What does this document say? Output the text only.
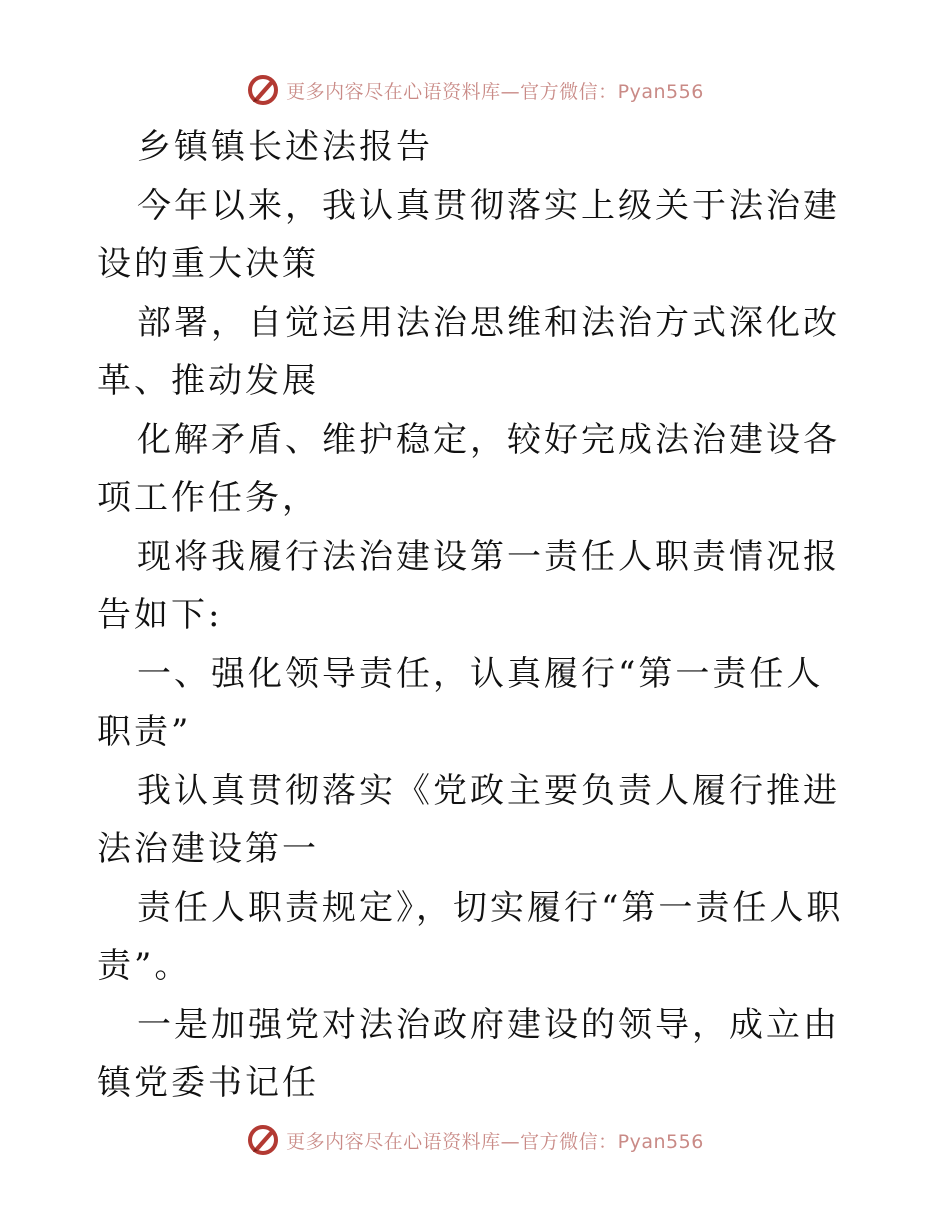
更多内容尽在心语资料库—官方微信：Pyan556

乡镇镇长述法报告

今年以来，我认真贯彻落实上级关于法治建设的重大决策

部署，自觉运用法治思维和法治方式深化改革、推动发展

化解矛盾、维护稳定，较好完成法治建设各项工作任务，

现将我履行法治建设第一责任人职责情况报告如下:

一、强化领导责任，认真履行“第一责任人职责”

我认真贯彻落实《党政主要负责人履行推进法治建设第一

责任人职责规定》，切实履行“第一责任人职责”。

一是加强党对法治政府建设的领导，成立由镇党委书记任

更多内容尽在心语资料库—官方微信：Pyan556
